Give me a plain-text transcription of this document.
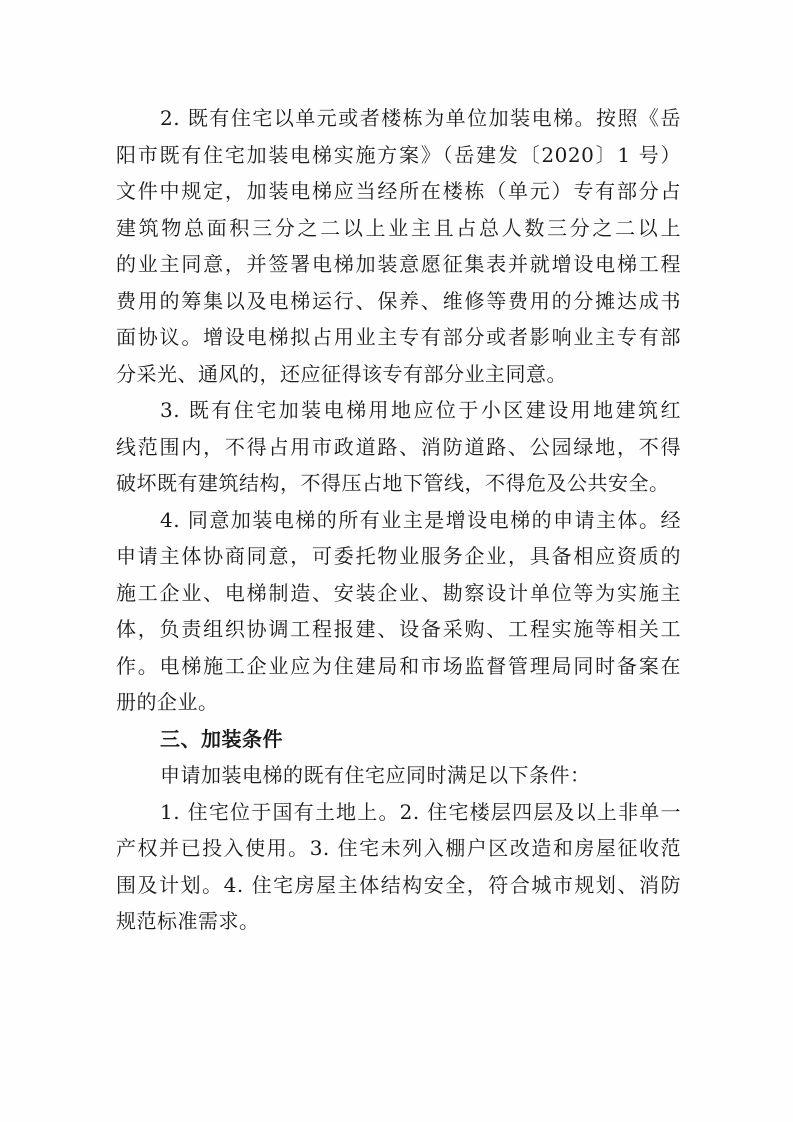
2. 既有住宅以单元或者楼栋为单位加装电梯。按照《岳
阳市既有住宅加装电梯实施方案》（岳建发〔2020〕1 号）
文件中规定，加装电梯应当经所在楼栋（单元）专有部分占
建筑物总面积三分之二以上业主且占总人数三分之二以上
的业主同意，并签署电梯加装意愿征集表并就增设电梯工程
费用的筹集以及电梯运行、保养、维修等费用的分摊达成书
面协议。增设电梯拟占用业主专有部分或者影响业主专有部
分采光、通风的，还应征得该专有部分业主同意。
3. 既有住宅加装电梯用地应位于小区建设用地建筑红
线范围内，不得占用市政道路、消防道路、公园绿地，不得
破坏既有建筑结构，不得压占地下管线，不得危及公共安全。
4. 同意加装电梯的所有业主是增设电梯的申请主体。经
申请主体协商同意，可委托物业服务企业，具备相应资质的
施工企业、电梯制造、安装企业、勘察设计单位等为实施主
体，负责组织协调工程报建、设备采购、工程实施等相关工
作。电梯施工企业应为住建局和市场监督管理局同时备案在
册的企业。
三、加装条件
申请加装电梯的既有住宅应同时满足以下条件：
1. 住宅位于国有土地上。2. 住宅楼层四层及以上非单一
产权并已投入使用。3. 住宅未列入棚户区改造和房屋征收范
围及计划。4. 住宅房屋主体结构安全，符合城市规划、消防
规范标准需求。
